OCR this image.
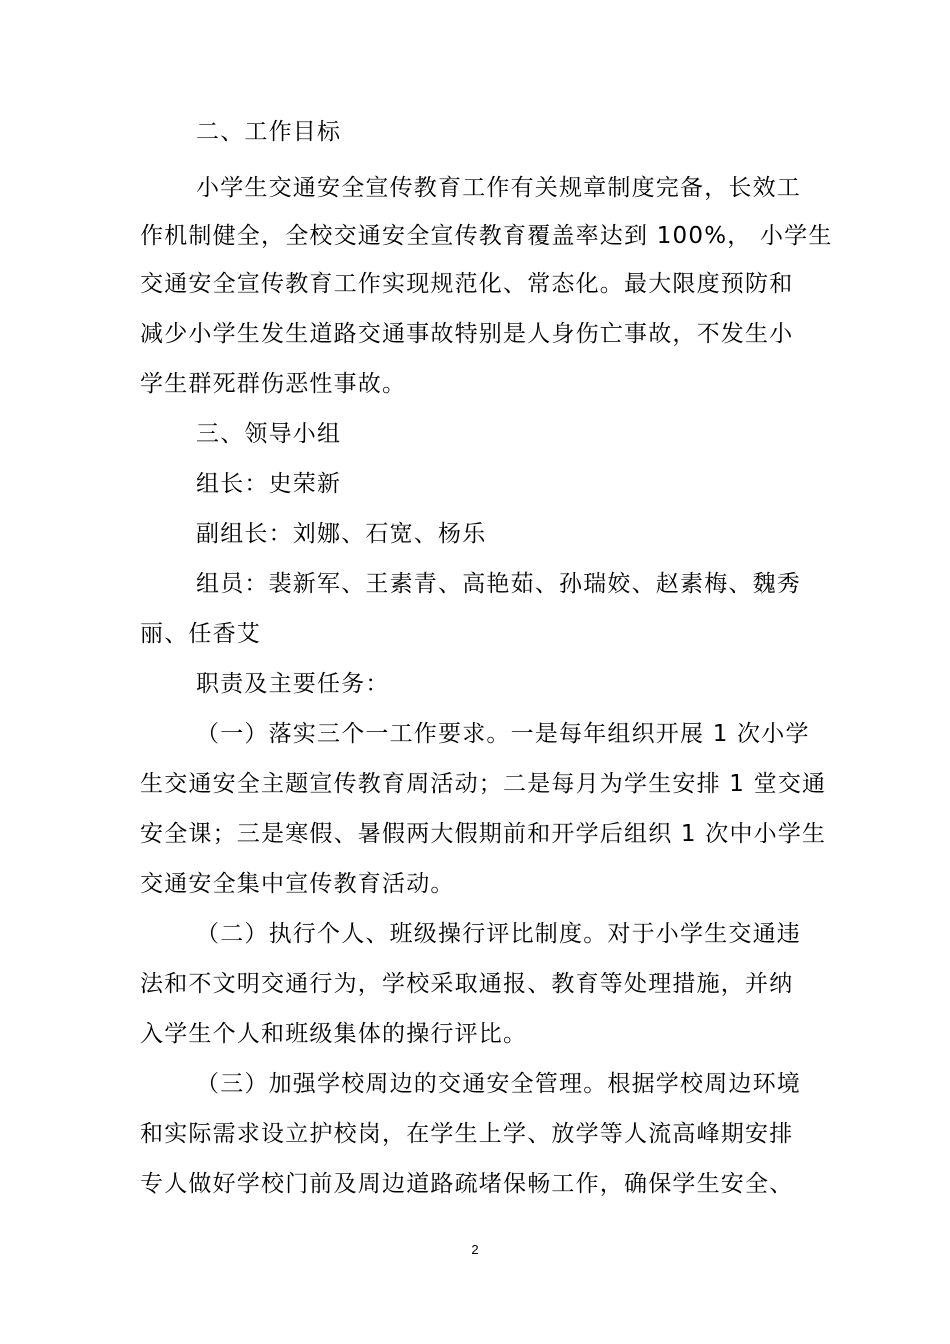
二、工作目标
小学生交通安全宣传教育工作有关规章制度完备，长效工
作机制健全，全校交通安全宣传教育覆盖率达到 100%， 小学生
交通安全宣传教育工作实现规范化、常态化。最大限度预防和
减少小学生发生道路交通事故特别是人身伤亡事故，不发生小
学生群死群伤恶性事故。
三、领导小组
组长：史荣新
副组长：刘娜、石宽、杨乐
组员：裴新军、王素青、高艳茹、孙瑞姣、赵素梅、魏秀
丽、任香艾
职责及主要任务：
（一）落实三个一工作要求。一是每年组织开展 1 次小学
生交通安全主题宣传教育周活动；二是每月为学生安排 1 堂交通
安全课；三是寒假、暑假两大假期前和开学后组织 1 次中小学生
交通安全集中宣传教育活动。
（二）执行个人、班级操行评比制度。对于小学生交通违
法和不文明交通行为，学校采取通报、教育等处理措施，并纳
入学生个人和班级集体的操行评比。
（三）加强学校周边的交通安全管理。根据学校周边环境
和实际需求设立护校岗，在学生上学、放学等人流高峰期安排
专人做好学校门前及周边道路疏堵保畅工作，确保学生安全、
2
